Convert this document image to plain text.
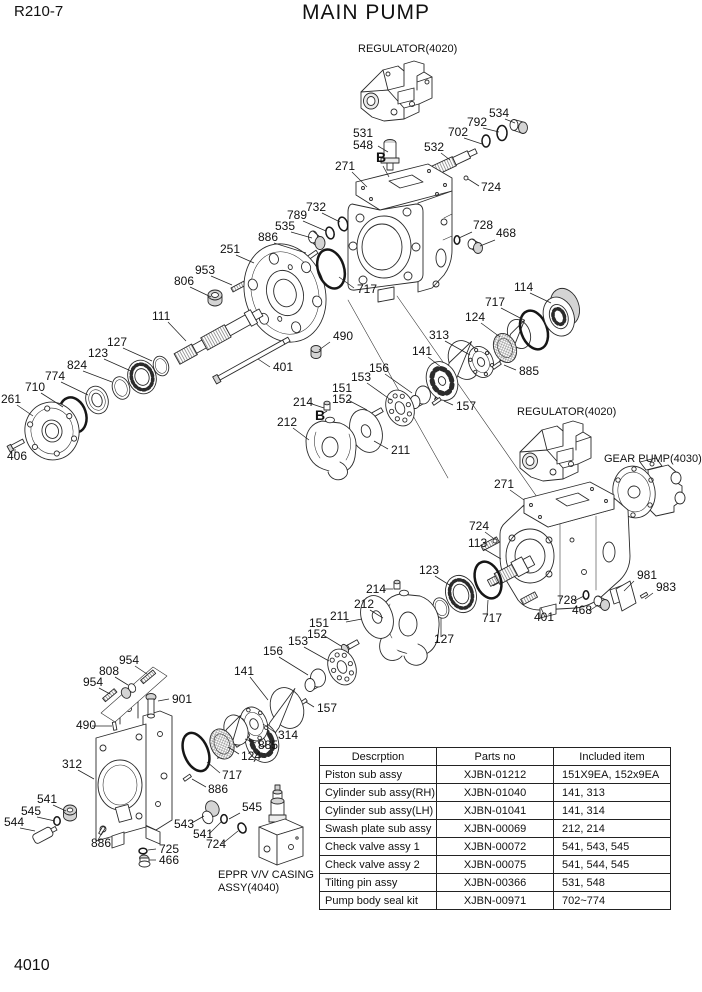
531
548
B
271
532
702
792
534
724
732
789
535
886
251
953
806
728
468
717
111
490
401
114
717
124
313
141
885
157
156
153
151
152
214
B
212
211
127
123
824
774
710
261
406
271
724
113
123
214
212
211
151
152
153
156
127
717
157
981
983
728
468
401
954
808
954
901
490
312
141
314
885
124
717
886
541
545
544
886
543
541
724
545
725
466
REGULATOR(4020)
REGULATOR(4020)
GEAR PUMP(4030)
EPPR V/V CASING
ASSY(4040)
R210-7	MAIN PUMP
4010
Descrption	Parts no	Included item
Piston sub assy	XJBN-01212	151X9EA, 152x9EA
Cylinder sub assy(RH)	XJBN-01040	141, 313
Cylinder sub assy(LH)	XJBN-01041	141, 314
Swash plate sub assy	XJBN-00069	212, 214
Check valve assy 1	XJBN-00072	541, 543, 545
Check valve assy 2	XJBN-00075	541, 544, 545
Tilting pin assy	XJBN-00366	531, 548
Pump body seal kit	XJBN-00971	702~774
